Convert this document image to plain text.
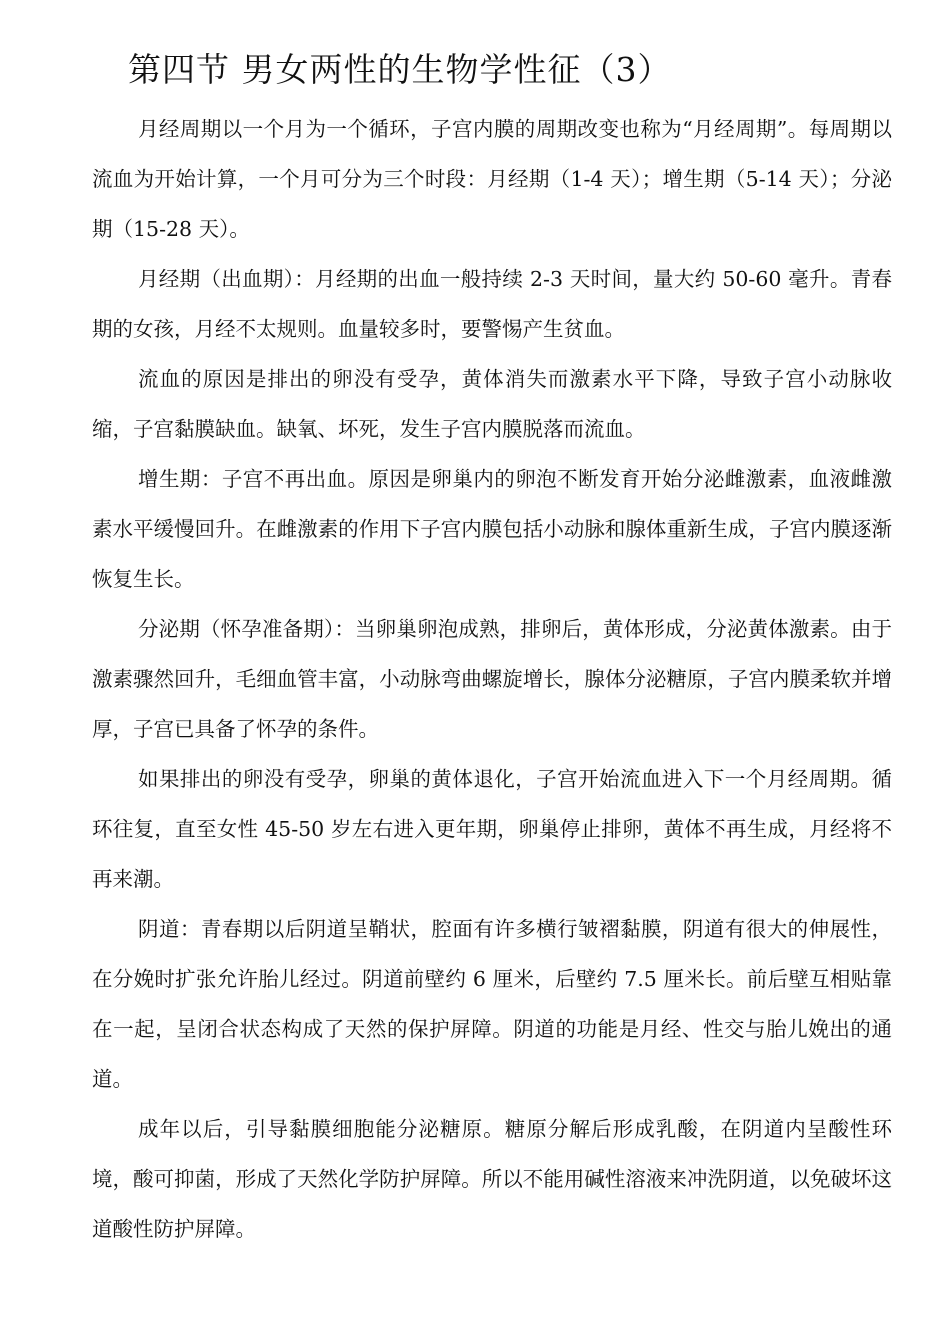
第四节 男女两性的生物学性征（3）

月经周期以一个月为一个循环，子宫内膜的周期改变也称为“月经周期”。每周期以流血为开始计算，一个月可分为三个时段：月经期（1-4 天）；增生期（5-14 天）；分泌期（15-28 天）。

月经期（出血期）：月经期的出血一般持续 2-3 天时间，量大约 50-60 毫升。青春期的女孩，月经不太规则。血量较多时，要警惕产生贫血。

流血的原因是排出的卵没有受孕，黄体消失而激素水平下降，导致子宫小动脉收缩，子宫黏膜缺血。缺氧、坏死，发生子宫内膜脱落而流血。

增生期：子宫不再出血。原因是卵巢内的卵泡不断发育开始分泌雌激素，血液雌激素水平缓慢回升。在雌激素的作用下子宫内膜包括小动脉和腺体重新生成，子宫内膜逐渐恢复生长。

分泌期（怀孕准备期）：当卵巢卵泡成熟，排卵后，黄体形成，分泌黄体激素。由于激素骤然回升，毛细血管丰富，小动脉弯曲螺旋增长，腺体分泌糖原，子宫内膜柔软并增厚，子宫已具备了怀孕的条件。

如果排出的卵没有受孕，卵巢的黄体退化，子宫开始流血进入下一个月经周期。循环往复，直至女性 45-50 岁左右进入更年期，卵巢停止排卵，黄体不再生成，月经将不再来潮。

阴道：青春期以后阴道呈鞘状，腔面有许多横行皱褶黏膜，阴道有很大的伸展性，在分娩时扩张允许胎儿经过。阴道前壁约 6 厘米，后壁约 7.5 厘米长。前后壁互相贴靠在一起，呈闭合状态构成了天然的保护屏障。阴道的功能是月经、性交与胎儿娩出的通道。

成年以后，引导黏膜细胞能分泌糖原。糖原分解后形成乳酸，在阴道内呈酸性环境，酸可抑菌，形成了天然化学防护屏障。所以不能用碱性溶液来冲洗阴道，以免破坏这道酸性防护屏障。
